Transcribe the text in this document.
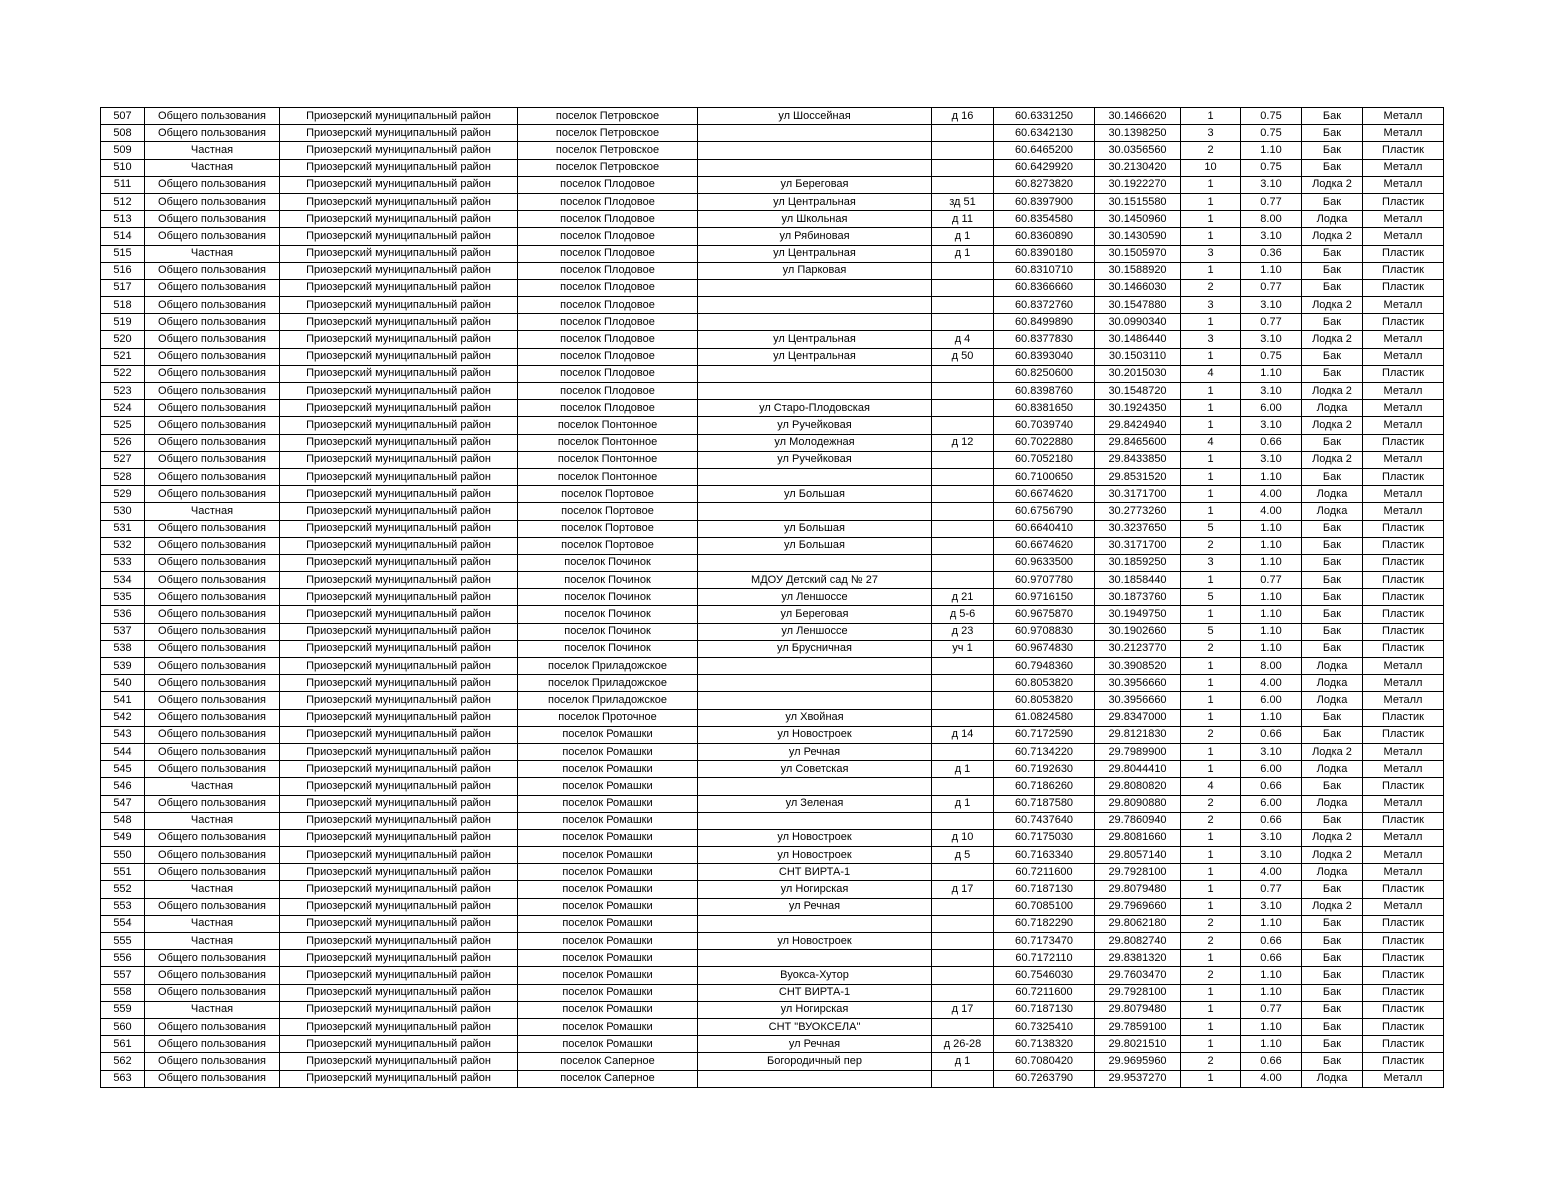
507	Общего пользования	Приозерский муниципальный район	поселок Петровское	ул Шоссейная	д 16	60.6331250	30.1466620	1	0.75	Бак	Металл
508	Общего пользования	Приозерский муниципальный район	поселок Петровское			60.6342130	30.1398250	3	0.75	Бак	Металл
509	Частная	Приозерский муниципальный район	поселок Петровское			60.6465200	30.0356560	2	1.10	Бак	Пластик
510	Частная	Приозерский муниципальный район	поселок Петровское			60.6429920	30.2130420	10	0.75	Бак	Металл
511	Общего пользования	Приозерский муниципальный район	поселок Плодовое	ул Береговая		60.8273820	30.1922270	1	3.10	Лодка 2	Металл
512	Общего пользования	Приозерский муниципальный район	поселок Плодовое	ул Центральная	зд 51	60.8397900	30.1515580	1	0.77	Бак	Пластик
513	Общего пользования	Приозерский муниципальный район	поселок Плодовое	ул Школьная	д 11	60.8354580	30.1450960	1	8.00	Лодка	Металл
514	Общего пользования	Приозерский муниципальный район	поселок Плодовое	ул Рябиновая	д 1	60.8360890	30.1430590	1	3.10	Лодка 2	Металл
515	Частная	Приозерский муниципальный район	поселок Плодовое	ул Центральная	д 1	60.8390180	30.1505970	3	0.36	Бак	Пластик
516	Общего пользования	Приозерский муниципальный район	поселок Плодовое	ул Парковая		60.8310710	30.1588920	1	1.10	Бак	Пластик
517	Общего пользования	Приозерский муниципальный район	поселок Плодовое			60.8366660	30.1466030	2	0.77	Бак	Пластик
518	Общего пользования	Приозерский муниципальный район	поселок Плодовое			60.8372760	30.1547880	3	3.10	Лодка 2	Металл
519	Общего пользования	Приозерский муниципальный район	поселок Плодовое			60.8499890	30.0990340	1	0.77	Бак	Пластик
520	Общего пользования	Приозерский муниципальный район	поселок Плодовое	ул Центральная	д 4	60.8377830	30.1486440	3	3.10	Лодка 2	Металл
521	Общего пользования	Приозерский муниципальный район	поселок Плодовое	ул Центральная	д 50	60.8393040	30.1503110	1	0.75	Бак	Металл
522	Общего пользования	Приозерский муниципальный район	поселок Плодовое			60.8250600	30.2015030	4	1.10	Бак	Пластик
523	Общего пользования	Приозерский муниципальный район	поселок Плодовое			60.8398760	30.1548720	1	3.10	Лодка 2	Металл
524	Общего пользования	Приозерский муниципальный район	поселок Плодовое	ул Старо-Плодовская		60.8381650	30.1924350	1	6.00	Лодка	Металл
525	Общего пользования	Приозерский муниципальный район	поселок Понтонное	ул Ручейковая		60.7039740	29.8424940	1	3.10	Лодка 2	Металл
526	Общего пользования	Приозерский муниципальный район	поселок Понтонное	ул Молодежная	д 12	60.7022880	29.8465600	4	0.66	Бак	Пластик
527	Общего пользования	Приозерский муниципальный район	поселок Понтонное	ул Ручейковая		60.7052180	29.8433850	1	3.10	Лодка 2	Металл
528	Общего пользования	Приозерский муниципальный район	поселок Понтонное			60.7100650	29.8531520	1	1.10	Бак	Пластик
529	Общего пользования	Приозерский муниципальный район	поселок Портовое	ул Большая		60.6674620	30.3171700	1	4.00	Лодка	Металл
530	Частная	Приозерский муниципальный район	поселок Портовое			60.6756790	30.2773260	1	4.00	Лодка	Металл
531	Общего пользования	Приозерский муниципальный район	поселок Портовое	ул Большая		60.6640410	30.3237650	5	1.10	Бак	Пластик
532	Общего пользования	Приозерский муниципальный район	поселок Портовое	ул Большая		60.6674620	30.3171700	2	1.10	Бак	Пластик
533	Общего пользования	Приозерский муниципальный район	поселок Починок			60.9633500	30.1859250	3	1.10	Бак	Пластик
534	Общего пользования	Приозерский муниципальный район	поселок Починок	МДОУ Детский сад № 27		60.9707780	30.1858440	1	0.77	Бак	Пластик
535	Общего пользования	Приозерский муниципальный район	поселок Починок	ул Леншоссе	д 21	60.9716150	30.1873760	5	1.10	Бак	Пластик
536	Общего пользования	Приозерский муниципальный район	поселок Починок	ул Береговая	д 5-6	60.9675870	30.1949750	1	1.10	Бак	Пластик
537	Общего пользования	Приозерский муниципальный район	поселок Починок	ул Леншоссе	д 23	60.9708830	30.1902660	5	1.10	Бак	Пластик
538	Общего пользования	Приозерский муниципальный район	поселок Починок	ул Брусничная	уч 1	60.9674830	30.2123770	2	1.10	Бак	Пластик
539	Общего пользования	Приозерский муниципальный район	поселок Приладожское			60.7948360	30.3908520	1	8.00	Лодка	Металл
540	Общего пользования	Приозерский муниципальный район	поселок Приладожское			60.8053820	30.3956660	1	4.00	Лодка	Металл
541	Общего пользования	Приозерский муниципальный район	поселок Приладожское			60.8053820	30.3956660	1	6.00	Лодка	Металл
542	Общего пользования	Приозерский муниципальный район	поселок Проточное	ул Хвойная		61.0824580	29.8347000	1	1.10	Бак	Пластик
543	Общего пользования	Приозерский муниципальный район	поселок Ромашки	ул Новостроек	д 14	60.7172590	29.8121830	2	0.66	Бак	Пластик
544	Общего пользования	Приозерский муниципальный район	поселок Ромашки	ул Речная		60.7134220	29.7989900	1	3.10	Лодка 2	Металл
545	Общего пользования	Приозерский муниципальный район	поселок Ромашки	ул Советская	д 1	60.7192630	29.8044410	1	6.00	Лодка	Металл
546	Частная	Приозерский муниципальный район	поселок Ромашки			60.7186260	29.8080820	4	0.66	Бак	Пластик
547	Общего пользования	Приозерский муниципальный район	поселок Ромашки	ул Зеленая	д 1	60.7187580	29.8090880	2	6.00	Лодка	Металл
548	Частная	Приозерский муниципальный район	поселок Ромашки			60.7437640	29.7860940	2	0.66	Бак	Пластик
549	Общего пользования	Приозерский муниципальный район	поселок Ромашки	ул Новостроек	д 10	60.7175030	29.8081660	1	3.10	Лодка 2	Металл
550	Общего пользования	Приозерский муниципальный район	поселок Ромашки	ул Новостроек	д 5	60.7163340	29.8057140	1	3.10	Лодка 2	Металл
551	Общего пользования	Приозерский муниципальный район	поселок Ромашки	СНТ ВИРТА-1		60.7211600	29.7928100	1	4.00	Лодка	Металл
552	Частная	Приозерский муниципальный район	поселок Ромашки	ул Ногирская	д 17	60.7187130	29.8079480	1	0.77	Бак	Пластик
553	Общего пользования	Приозерский муниципальный район	поселок Ромашки	ул Речная		60.7085100	29.7969660	1	3.10	Лодка 2	Металл
554	Частная	Приозерский муниципальный район	поселок Ромашки			60.7182290	29.8062180	2	1.10	Бак	Пластик
555	Частная	Приозерский муниципальный район	поселок Ромашки	ул Новостроек		60.7173470	29.8082740	2	0.66	Бак	Пластик
556	Общего пользования	Приозерский муниципальный район	поселок Ромашки			60.7172110	29.8381320	1	0.66	Бак	Пластик
557	Общего пользования	Приозерский муниципальный район	поселок Ромашки	Вуокса-Хутор		60.7546030	29.7603470	2	1.10	Бак	Пластик
558	Общего пользования	Приозерский муниципальный район	поселок Ромашки	СНТ ВИРТА-1		60.7211600	29.7928100	1	1.10	Бак	Пластик
559	Частная	Приозерский муниципальный район	поселок Ромашки	ул Ногирская	д 17	60.7187130	29.8079480	1	0.77	Бак	Пластик
560	Общего пользования	Приозерский муниципальный район	поселок Ромашки	СНТ "ВУОКСЕЛА"		60.7325410	29.7859100	1	1.10	Бак	Пластик
561	Общего пользования	Приозерский муниципальный район	поселок Ромашки	ул Речная	д 26-28	60.7138320	29.8021510	1	1.10	Бак	Пластик
562	Общего пользования	Приозерский муниципальный район	поселок Саперное	Богородичный пер	д 1	60.7080420	29.9695960	2	0.66	Бак	Пластик
563	Общего пользования	Приозерский муниципальный район	поселок Саперное			60.7263790	29.9537270	1	4.00	Лодка	Металл
